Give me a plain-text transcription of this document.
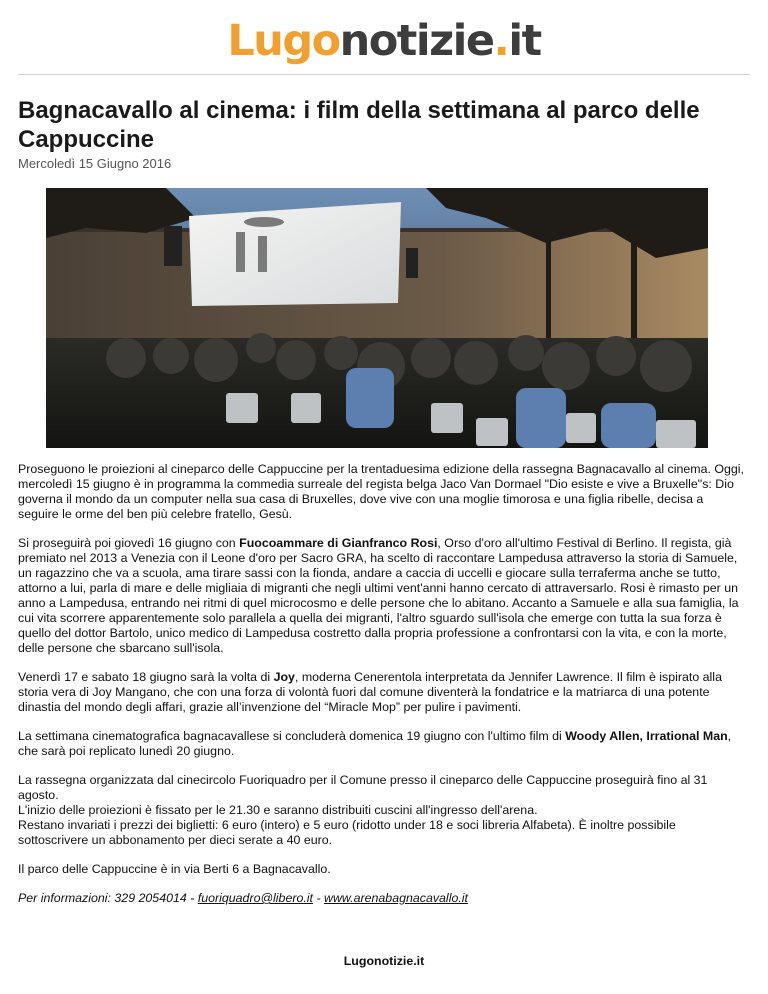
Lugonotizie.it
Bagnacavallo al cinema: i film della settimana al parco delle Cappuccine
Mercoledì 15 Giugno 2016

Proseguono le proiezioni al cineparco delle Cappuccine per la trentaduesima edizione della rassegna Bagnacavallo al cinema. Oggi, mercoledì 15 giugno è in programma la commedia surreale del regista belga Jaco Van Dormael "Dio esiste e vive a Bruxelle"s: Dio governa il mondo da un computer nella sua casa di Bruxelles, dove vive con una moglie timorosa e una figlia ribelle, decisa a seguire le orme del ben più celebre fratello, Gesù.

Si proseguirà poi giovedì 16 giugno con Fuocoammare di Gianfranco Rosi, Orso d'oro all'ultimo Festival di Berlino. Il regista, già premiato nel 2013 a Venezia con il Leone d'oro per Sacro GRA, ha scelto di raccontare Lampedusa attraverso la storia di Samuele, un ragazzino che va a scuola, ama tirare sassi con la fionda, andare a caccia di uccelli e giocare sulla terraferma anche se tutto, attorno a lui, parla di mare e delle migliaia di migranti che negli ultimi vent'anni hanno cercato di attraversarlo. Rosi è rimasto per un anno a Lampedusa, entrando nei ritmi di quel microcosmo e delle persone che lo abitano. Accanto a Samuele e alla sua famiglia, la cui vita scorrere apparentemente solo parallela a quella dei migranti, l'altro sguardo sull'isola che emerge con tutta la sua forza è quello del dottor Bartolo, unico medico di Lampedusa costretto dalla propria professione a confrontarsi con la vita, e con la morte, delle persone che sbarcano sull'isola.

Venerdì 17 e sabato 18 giugno sarà la volta di Joy, moderna Cenerentola interpretata da Jennifer Lawrence. Il film è ispirato alla storia vera di Joy Mangano, che con una forza di volontà fuori dal comune diventerà la fondatrice e la matriarca di una potente dinastia del mondo degli affari, grazie all’invenzione del “Miracle Mop” per pulire i pavimenti.

La settimana cinematografica bagnacavallese si concluderà domenica 19 giugno con l'ultimo film di Woody Allen, Irrational Man, che sarà poi replicato lunedì 20 giugno.

La rassegna organizzata dal cinecircolo Fuoriquadro per il Comune presso il cineparco delle Cappuccine proseguirà fino al 31 agosto.

L'inizio delle proiezioni è fissato per le 21.30 e saranno distribuiti cuscini all'ingresso dell'arena.

Restano invariati i prezzi dei biglietti: 6 euro (intero) e 5 euro (ridotto under 18 e soci libreria Alfabeta). È inoltre possibile sottoscrivere un abbonamento per dieci serate a 40 euro.

Il parco delle Cappuccine è in via Berti 6 a Bagnacavallo.

Per informazioni: 329 2054014 - fuoriquadro@libero.it - www.arenabagnacavallo.it

Lugonotizie.it
